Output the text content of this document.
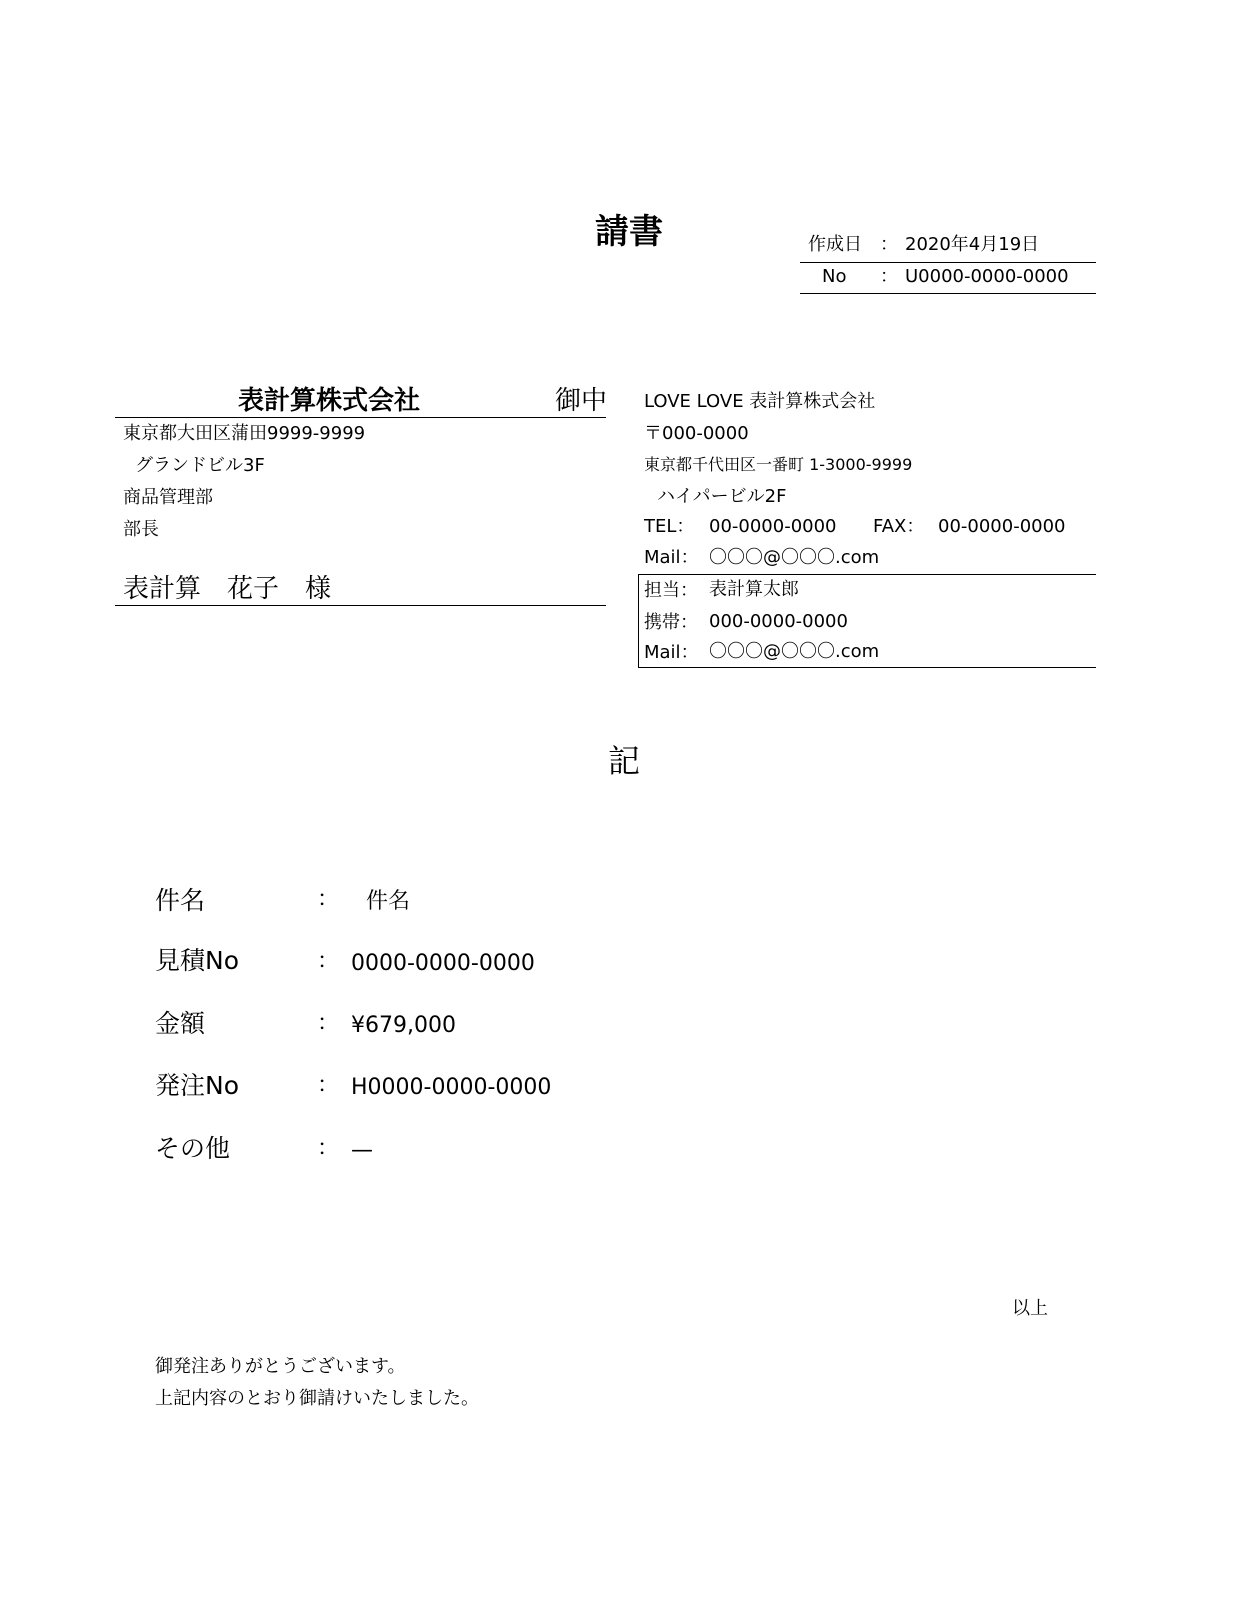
請書	作成日 ： 2020年4月19日
No ： U0000-0000-0000
表計算株式会社	御中
東京都大田区蒲田9999-9999
グランドビル3F
商品管理部
部長
表計算　花子　様
LOVE LOVE 表計算株式会社
〒000-0000
東京都千代田区一番町 1-3000-9999
ハイパービル2F
TEL： 00-0000-0000 FAX： 00-0000-0000
Mail： 〇〇〇@〇〇〇.com
担当： 表計算太郎
携帯： 000-0000-0000
Mail： 〇〇〇@〇〇〇.com
記
件名	： 件名
見積No	： 0000-0000-0000
金額	： ¥679,000
発注No	： H0000-0000-0000
その他	： —
以上
御発注ありがとうございます。
上記内容のとおり御請けいたしました。
